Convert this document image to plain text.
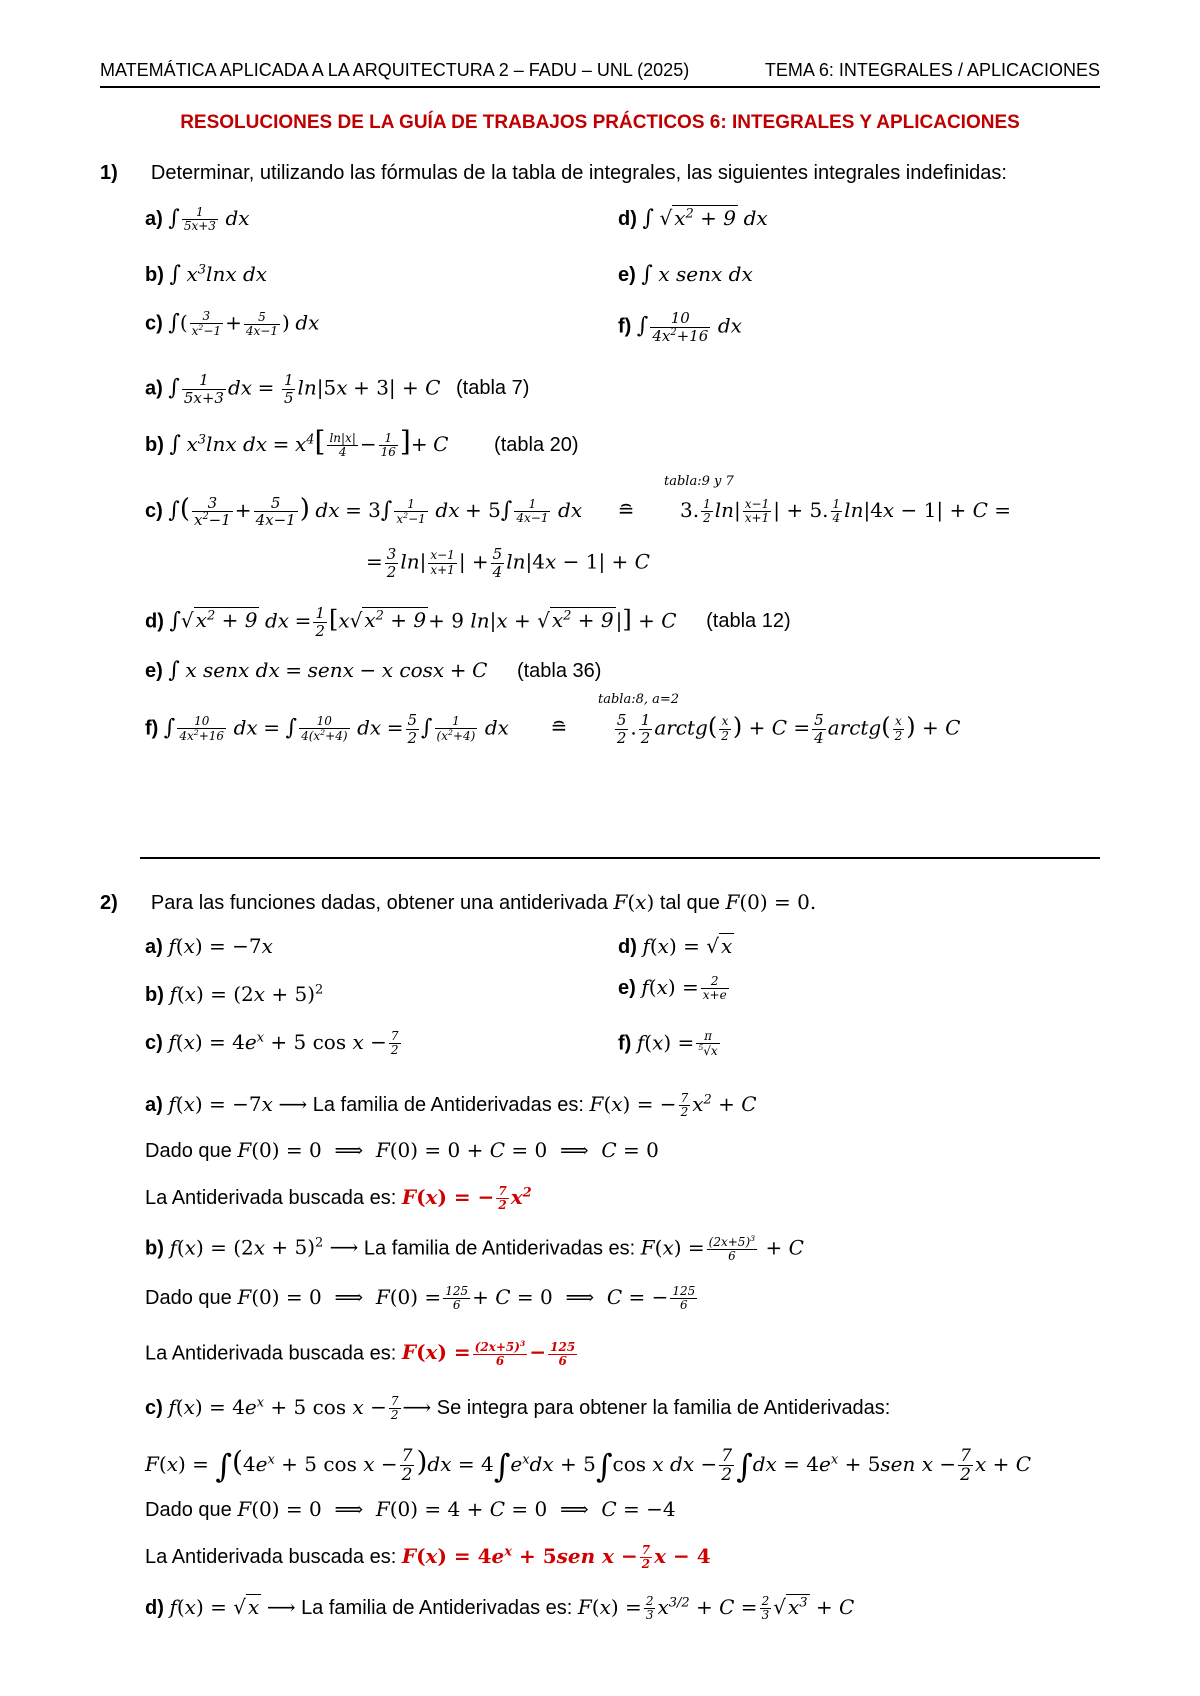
MATEMÁTICA APLICADA A LA ARQUITECTURA 2 – FADU – UNL (2025)	TEMA 6: INTEGRALES / APLICACIONES
RESOLUCIONES DE LA GUÍA DE TRABAJOS PRÁCTICOS 6: INTEGRALES Y APLICACIONES
1) Determinar, utilizando las fórmulas de la tabla de integrales, las siguientes integrales indefinidas:
a) ∫ $\frac{1}{5x+3}$ dx	d) ∫ √ $x^2 + 9$ dx
b) ∫ $x^3\ln x$ dx	e) ∫ x senx dx
c) ∫( $\frac{3}{x^2-1} + \frac{5}{4x-1}$ ) dx	f) ∫ $\frac{10}{4x^2+16}$ dx
a) ∫ $\frac{1}{5x+3}$ dx = $\frac{1}{5} \ln|5x + 3| + C$ (tabla 7)
b) ∫ $x^3\ln x$ dx = $x^4[ \frac{\ln|x|}{4} - \frac{1}{16}$ ]+ C (tabla 20)
tabla:9 y 7
c) ∫( $\frac{3}{x^2-1} + \frac{5}{4x-1}$ ) dx = $3\int \frac{1}{x^2-1}$ dx + $5\int \frac{1}{4x-1}$ dx ≘ 3. $\frac{1}{2} \ln| \frac{x-1}{x+1}$ | + 5. $\frac{1}{4} \ln|4x - 1| + C$ =
= $\frac{3}{2} \ln| \frac{x-1}{x+1}$ | + $\frac{5}{4} \ln|4x - 1| + C$
d) ∫√ $x^2 + 9$ dx = $\frac{1}{2} [x√$ $x^2 + 9 + 9$ ln|x + √ $x^2 + 9$ |] + C (tabla 12)
e) ∫ x senx dx = senx − x cosx + C (tabla 36)
tabla:8, a=2
f) ∫ $\frac{10}{4x^2+16}$ dx = ∫ $\frac{10}{4(x^2+4)}$ dx = $\frac{5}{2}$ ∫ $\frac{1}{(x^2+4)}$ dx ≘	$\frac{5}{2}$ . $\frac{1}{2}$ arctg( $\frac{x}{2}$ ) + $C = \frac{5}{4}$ arctg( $\frac{x}{2}$ ) + C
2) Para las funciones dadas, obtener una antiderivada F(x) tal que F(0) = 0.
a) f(x) = −7x	d) f(x) = √ x
b) $f(x) = (2x + 5)^2$	e) $f(x) = \frac{2}{x+e}$
c) $f(x) = 4e^x + 5$ $\cos x - \frac{7}{2}$	f) $f(x) = \frac{\pi}{^5√x}$
a) f(x) = −7x ⟶ La familia de Antiderivadas es: F(x) = − $\frac{7}{2} x^2 + C$
Dado que F(0) = 0  ⟹  F(0) = 0 + C = 0  ⟹  C = 0
La Antiderivada buscada es: F(x) = − $\frac{7}{2} x^2$
b) $f(x) = (2x + 5)^2$ ⟶ La familia de Antiderivadas es: $F(x) = \frac{(2x+5)^3}{6} + C$
Dado que F(0) = 0  ⟹  $F(0) = \frac{125}{6} + C = 0$  ⟹  C = − $\frac{125}{6}$
La Antiderivada buscada es: $F(x) = \frac{(2x+5)^3}{6} - \frac{125}{6}$
c) $f(x) = 4e^x + 5$ $\cos x - \frac{7}{2}$ ⟶ Se integra para obtener la familia de Antiderivadas:
$F(x) = \int(4e^x + 5$ $\cos x - \frac{7}{2} )dx = 4\int e^xdx + 5\int\cos$ x dx − $\frac{7}{2} \int dx = 4e^x + 5sen$ $x - \frac{7}{2}$ x + C
Dado que F(0) = 0  ⟹  F(0) = 4 + C = 0  ⟹  C = −4
La Antiderivada buscada es: $F(x) = 4e^x + 5sen$ $x - \frac{7}{2}$ x − 4
d) f(x) = √ x ⟶ La familia de Antiderivadas es: $F(x) = \frac{2}{3} x^{3/2} + C = \frac{2}{3}$ √ $x^3 + C$
